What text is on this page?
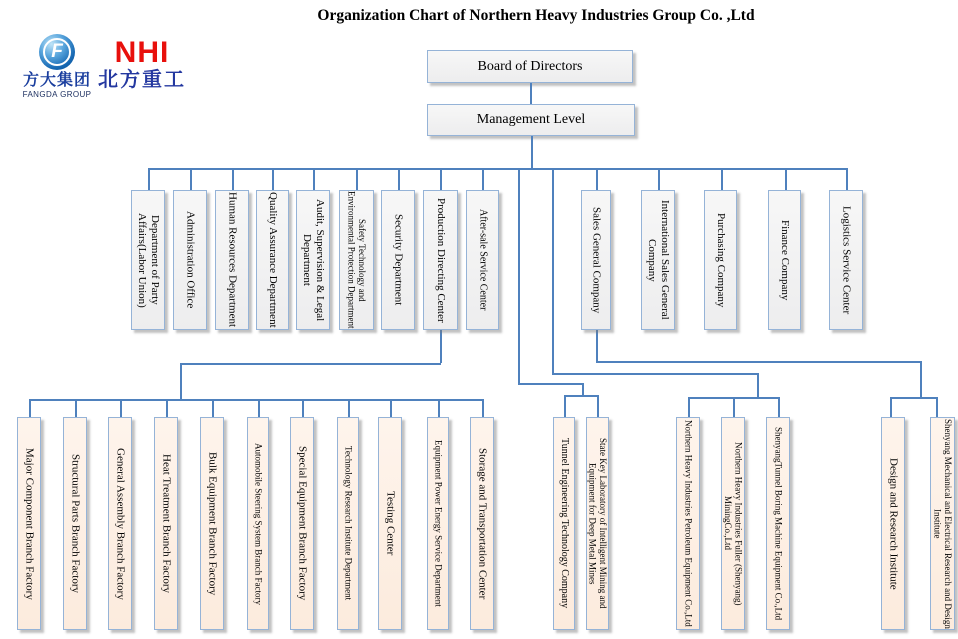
Organization Chart of Northern Heavy Industries Group Co. ,Ltd
F
方大集团
FANGDA GROUP
NHI
北方重工
Board of Directors
Management Level
Department of Party Affairs(Labor Union)	Administration Office	Human Resources Department	Quality Assurance Department	Audit, Supervision & Legal Department	Safety Technology and Environmental Protection Department	Security Department	Production Directing Center	After-sale Service Center	Sales General Company	International Sales General Company	Purchasing Company	Finance Company	Logistics Service Center
Major Component Branch Factory	Structural Parts Branch Factory	General Assembly Branch Factory	Heat Treatment Branch Factory	Bulk Equipment Branch Factory	Automobile Steering System Branch Factory	Special Equipment Branch Factory	Technology Research Institute Department	Testing Center	Equipment Power Energy Service Department	Storage and Transportation Center	Tunnel Engineering Technology Company	State Key Laboratory of Intelligent Mining and Equipment for Deep Metal Mines	Northern Heavy Industries Petroleum Equipment Co.,Ltd	Northern Heavy Industries Fuller (Shenyang) MiningCo.,Ltd	ShenyangTunnel Boring Machine Equipment Co.,Ltd	Design and Research Institute	Shenyang Mechanical and Electrical Research and Design Institute
